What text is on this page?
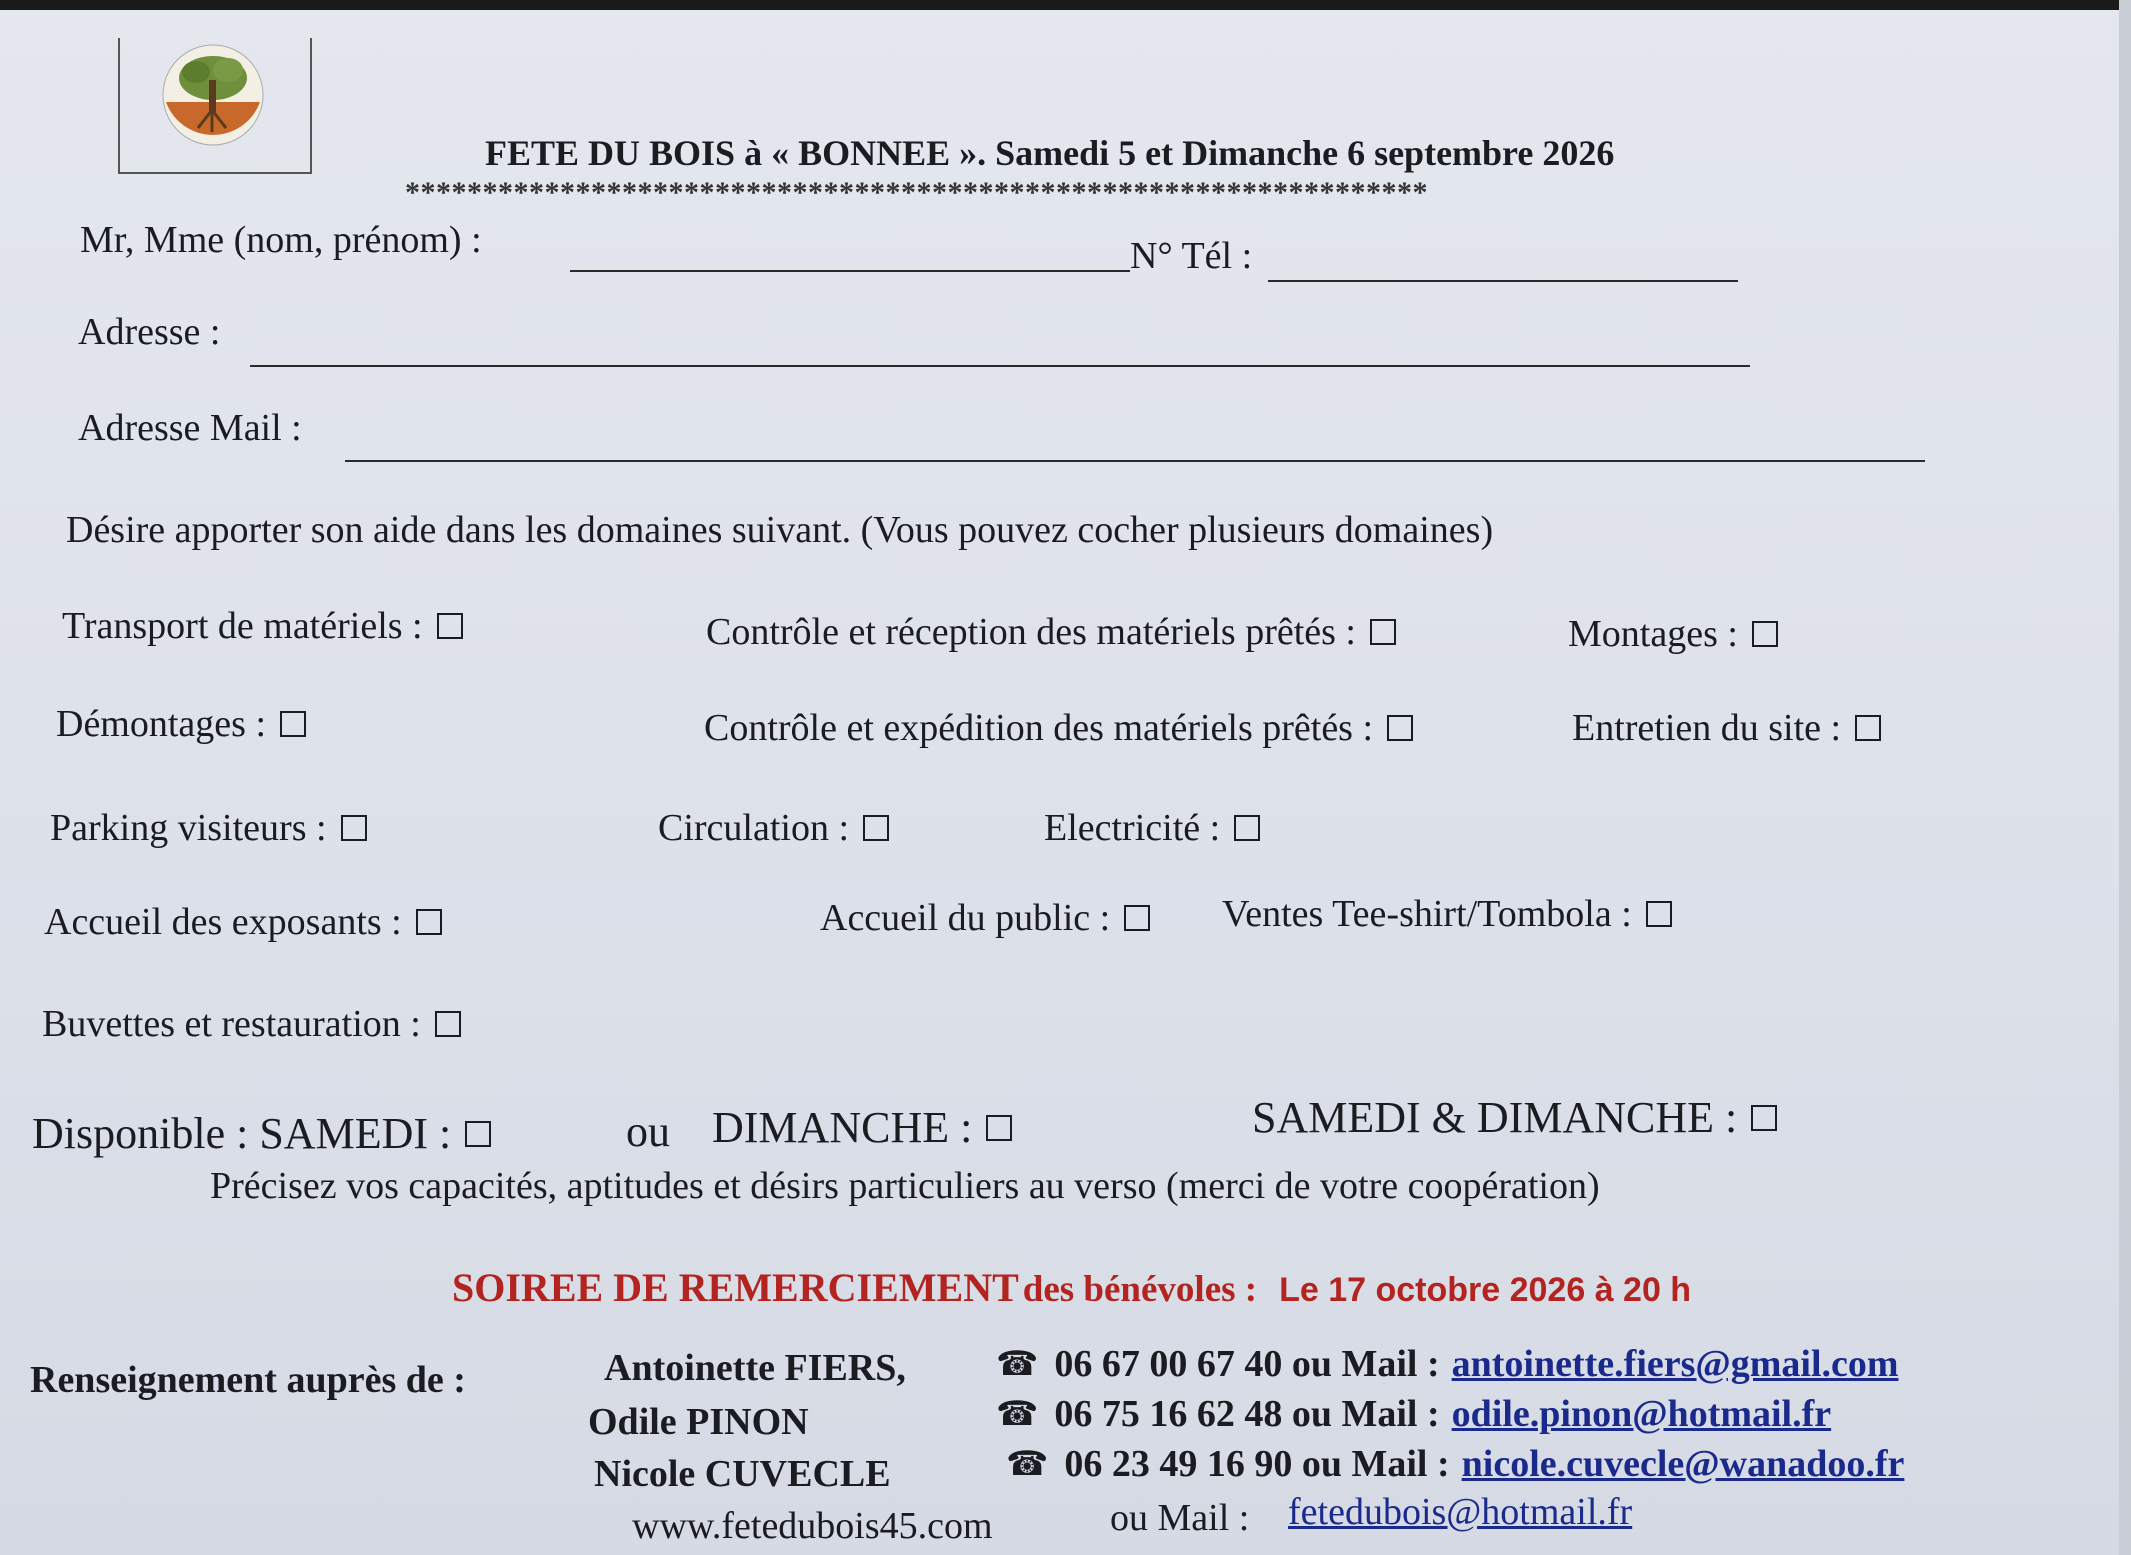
FETE DU BOIS à « BONNEE ». Samedi 5 et Dimanche 6 septembre 2026
******************************************************************
Mr, Mme (nom, prénom) :	N° Tél :
Adresse :
Adresse Mail :
Désire apporter son aide dans les domaines suivant. (Vous pouvez cocher plusieurs domaines)
Transport de matériels :	Contrôle et réception des matériels prêtés :	Montages :
Démontages :	Contrôle et expédition des matériels prêtés :	Entretien du site :
Parking visiteurs :	Circulation :	Electricité :
Accueil des exposants :	Accueil du public :	Ventes Tee-shirt/Tombola :
Buvettes et restauration :
Disponible : SAMEDI :	ou DIMANCHE :	SAMEDI & DIMANCHE :
Précisez vos capacités, aptitudes et désirs particuliers au verso (merci de votre coopération)
SOIREE DE REMERCIEMENT des bénévoles : Le 17 octobre 2026 à 20 h
Renseignement auprès de :	Antoinette FIERS,	☎ 06 67 00 67 40 ou Mail : antoinette.fiers@gmail.com
Odile PINON	☎ 06 75 16 62 48 ou Mail : odile.pinon@hotmail.fr
Nicole CUVECLE	☎ 06 23 49 16 90 ou Mail : nicole.cuvecle@wanadoo.fr
www.fetedubois45.com	ou Mail : fetedubois@hotmail.fr
